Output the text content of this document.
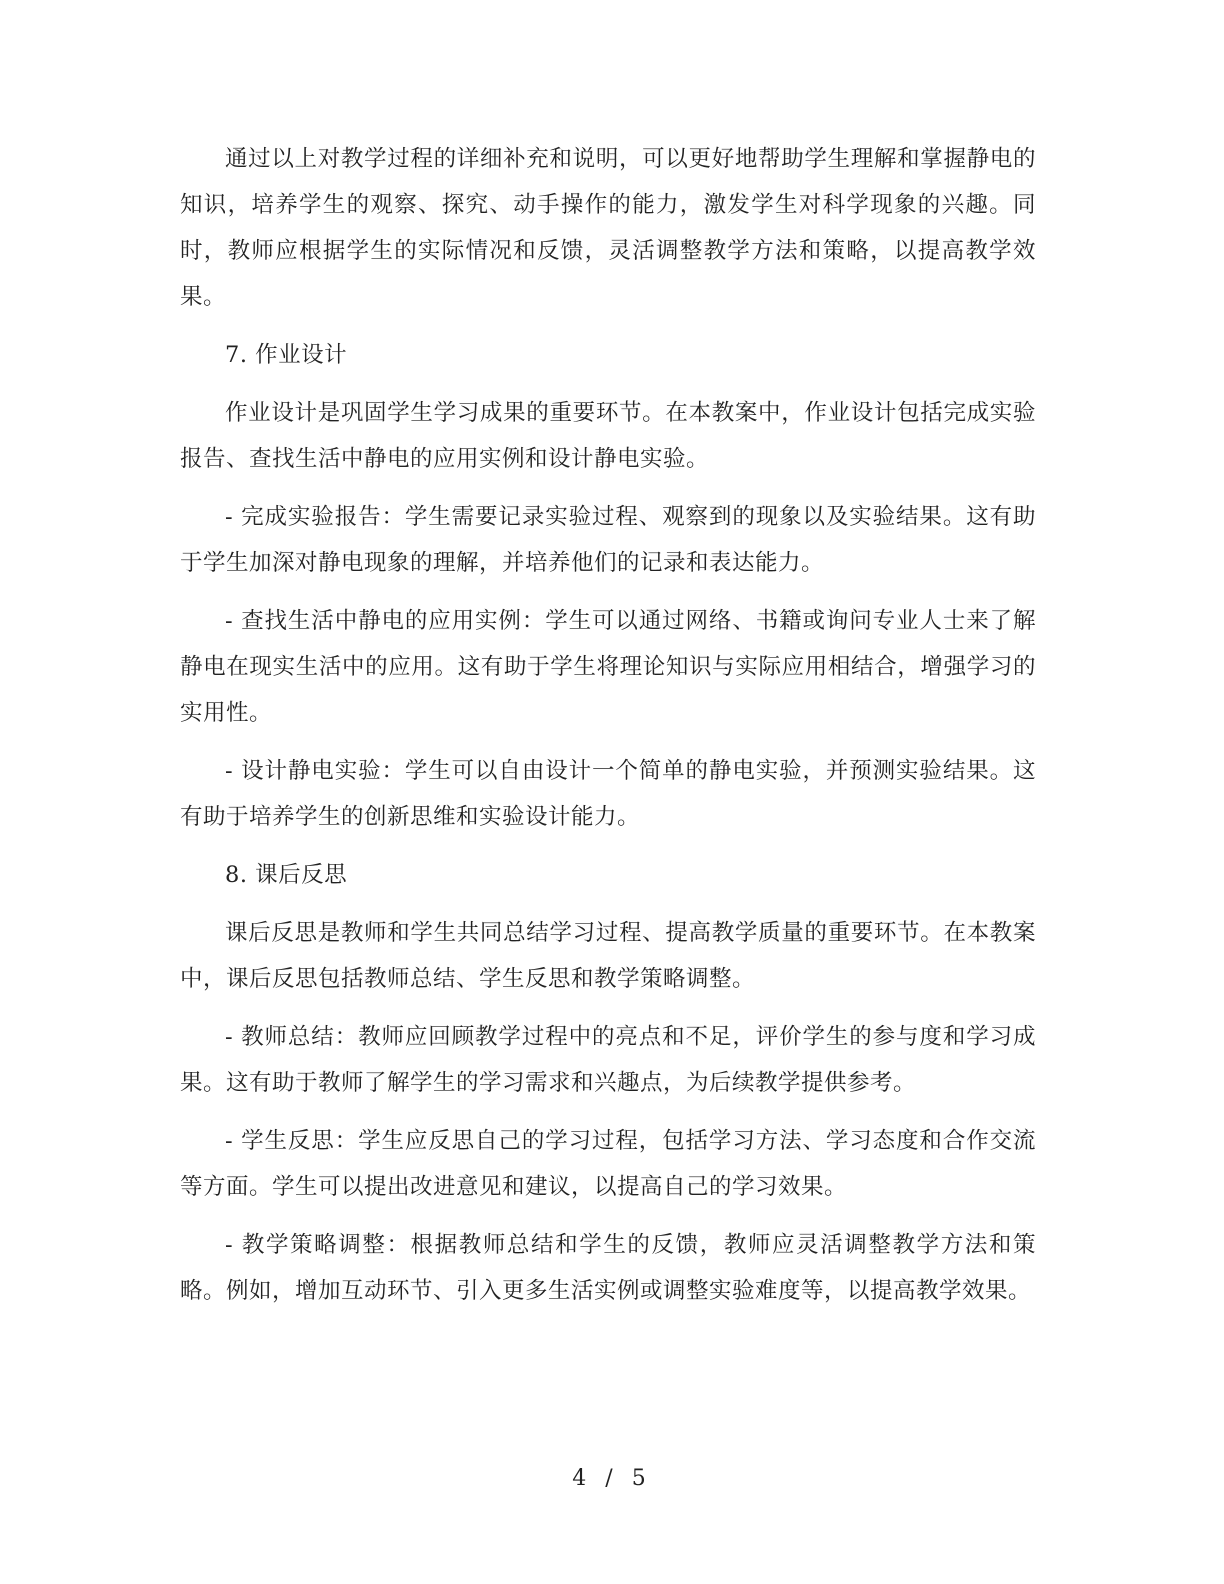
通过以上对教学过程的详细补充和说明，可以更好地帮助学生理解和掌握静电的知识，培养学生的观察、探究、动手操作的能力，激发学生对科学现象的兴趣。同时，教师应根据学生的实际情况和反馈，灵活调整教学方法和策略，以提高教学效果。

7. 作业设计

作业设计是巩固学生学习成果的重要环节。在本教案中，作业设计包括完成实验报告、查找生活中静电的应用实例和设计静电实验。

- 完成实验报告：学生需要记录实验过程、观察到的现象以及实验结果。这有助于学生加深对静电现象的理解，并培养他们的记录和表达能力。

- 查找生活中静电的应用实例：学生可以通过网络、书籍或询问专业人士来了解静电在现实生活中的应用。这有助于学生将理论知识与实际应用相结合，增强学习的实用性。

- 设计静电实验：学生可以自由设计一个简单的静电实验，并预测实验结果。这有助于培养学生的创新思维和实验设计能力。

8. 课后反思

课后反思是教师和学生共同总结学习过程、提高教学质量的重要环节。在本教案中，课后反思包括教师总结、学生反思和教学策略调整。

- 教师总结：教师应回顾教学过程中的亮点和不足，评价学生的参与度和学习成果。这有助于教师了解学生的学习需求和兴趣点，为后续教学提供参考。

- 学生反思：学生应反思自己的学习过程，包括学习方法、学习态度和合作交流等方面。学生可以提出改进意见和建议，以提高自己的学习效果。

- 教学策略调整：根据教师总结和学生的反馈，教师应灵活调整教学方法和策略。例如，增加互动环节、引入更多生活实例或调整实验难度等，以提高教学效果。

4 / 5
